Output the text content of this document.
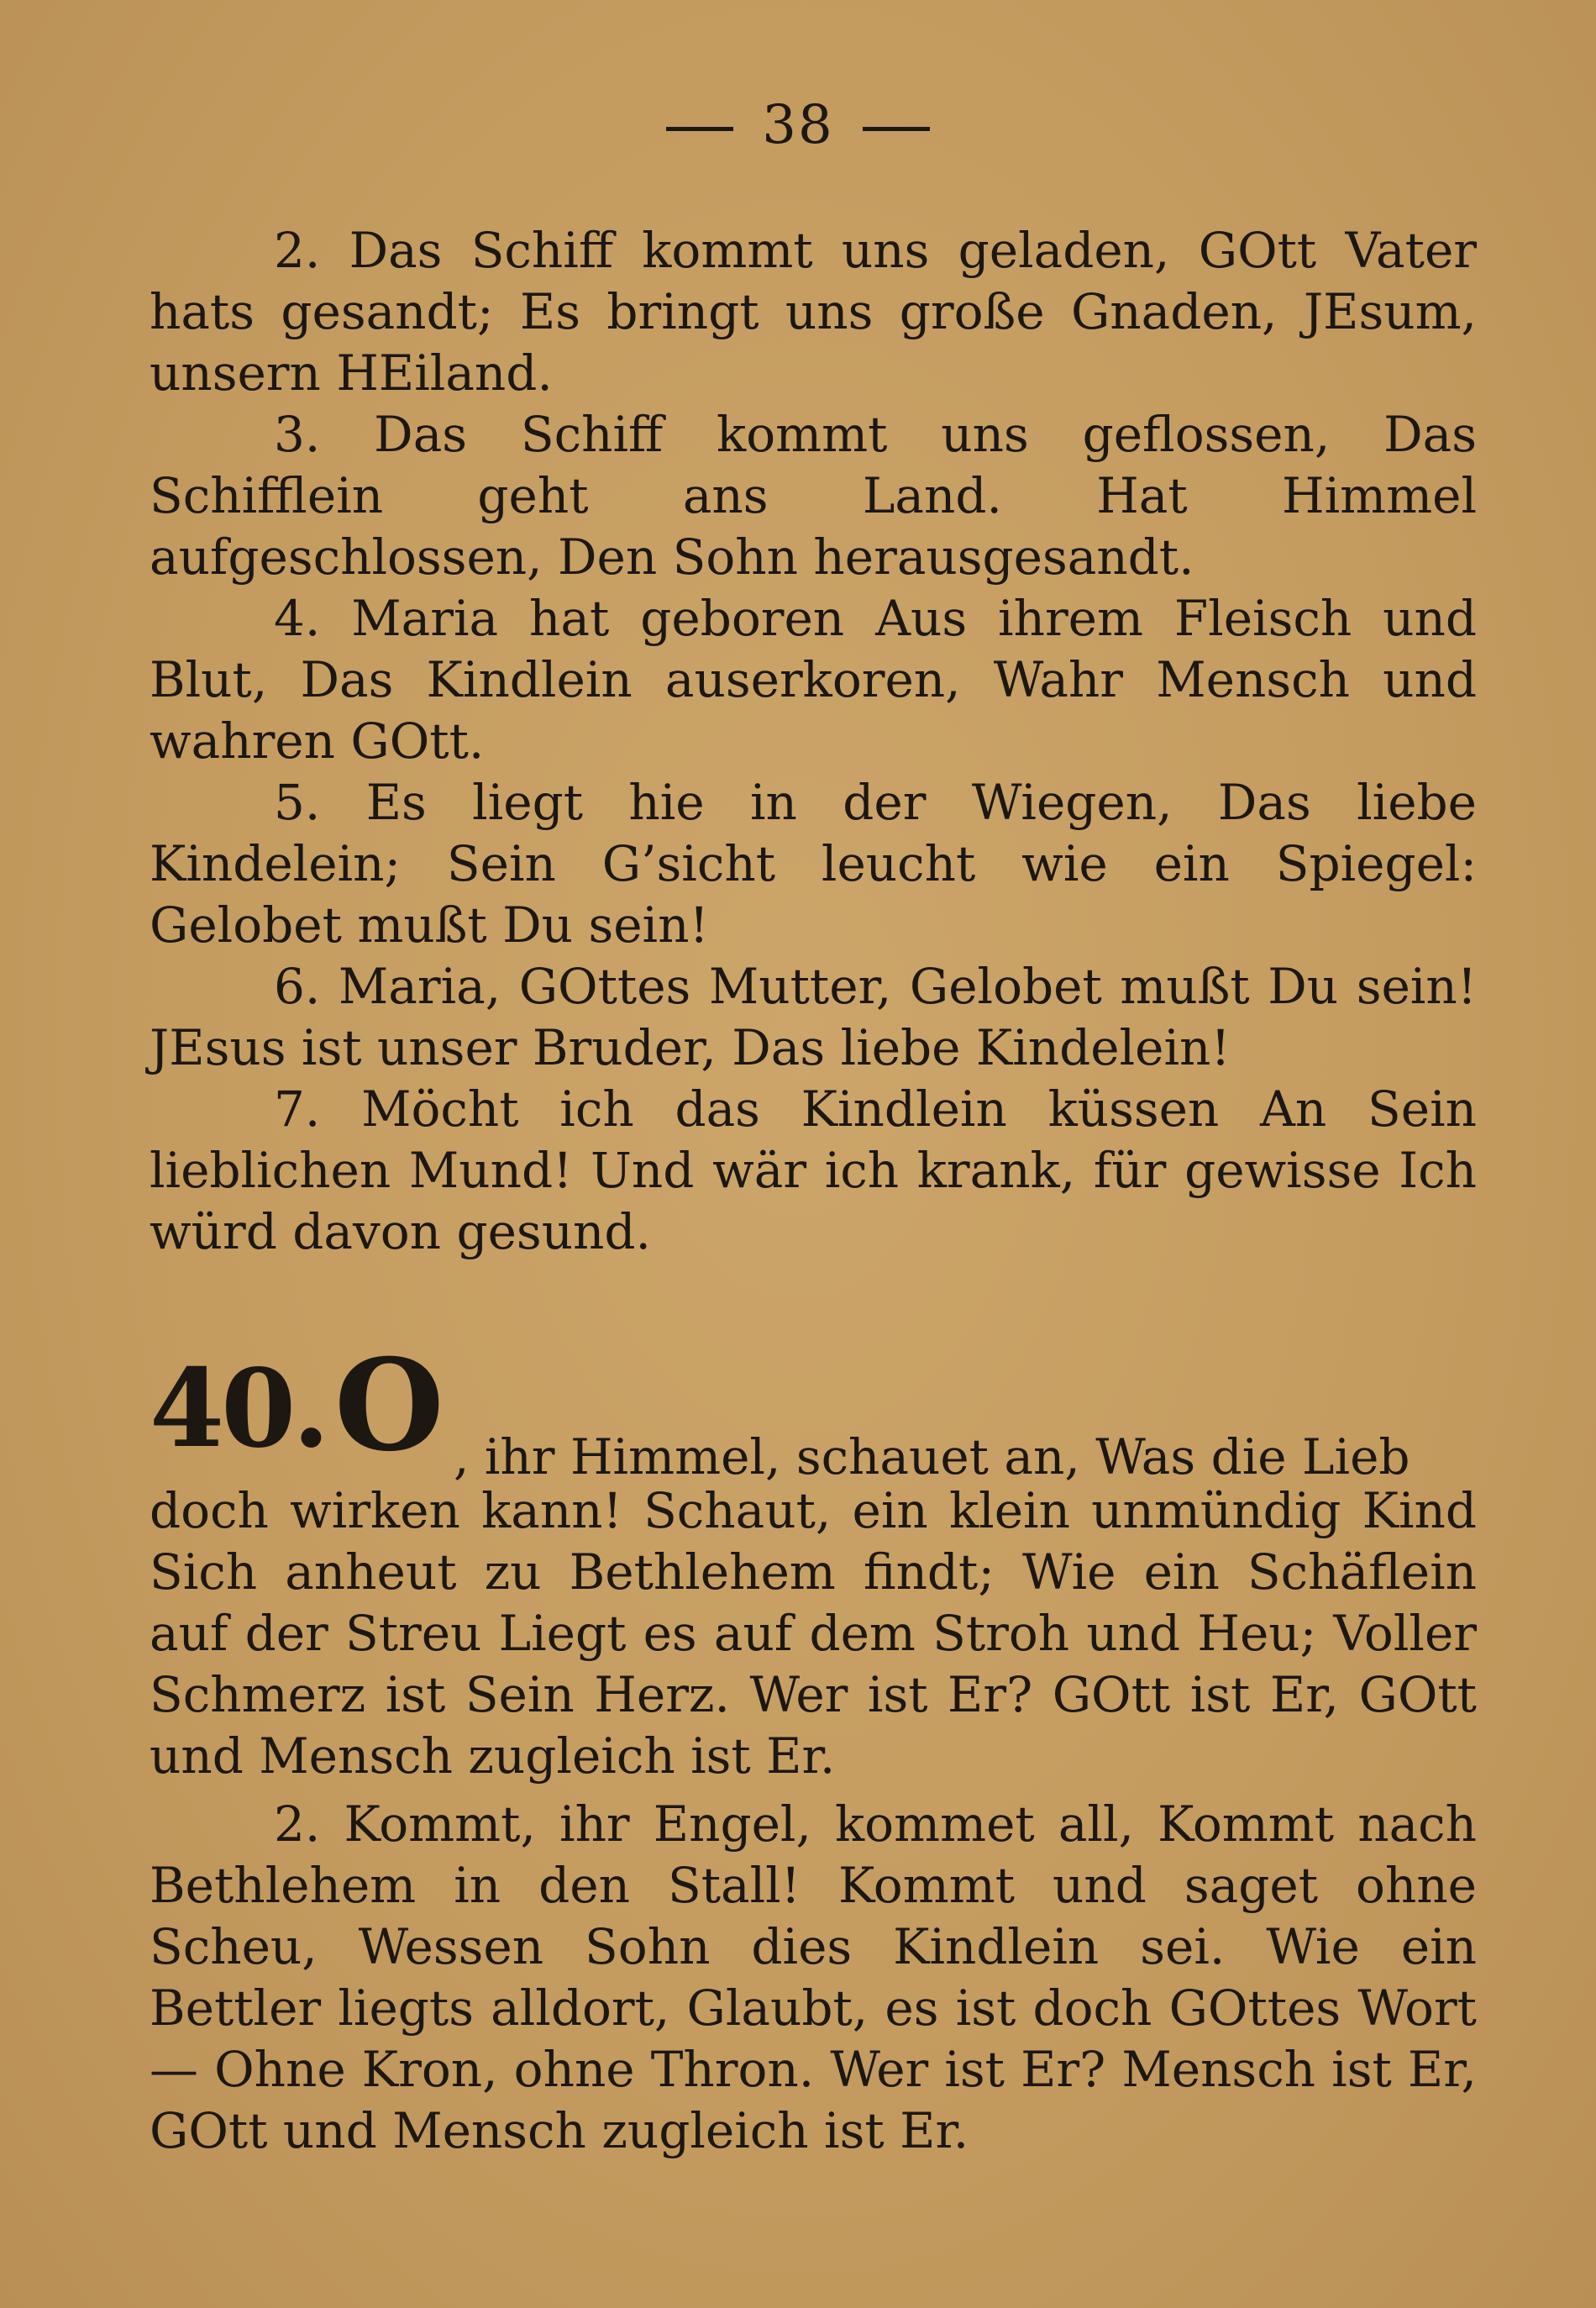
38

2. Das Schiff kommt uns geladen, GOtt Vater hats gesandt; Es bringt uns große Gnaden, JEsum, unsern HEiland.

3. Das Schiff kommt uns geflossen, Das Schifflein geht ans Land. Hat Himmel aufgeschlossen, Den Sohn herausgesandt.

4. Maria hat geboren Aus ihrem Fleisch und Blut, Das Kindlein auserkoren, Wahr Mensch und wahren GOtt.

5. Es liegt hie in der Wiegen, Das liebe Kindelein; Sein G’sicht leucht wie ein Spiegel: Gelobet mußt Du sein!

6. Maria, GOttes Mutter, Gelobet mußt Du sein! JEsus ist unser Bruder, Das liebe Kindelein!

7. Möcht ich das Kindlein küssen An Sein lieblichen Mund! Und wär ich krank, für gewisse Ich würd davon gesund.

40. O , ihr Himmel, schauet an, Was die Lieb

doch wirken kann! Schaut, ein klein unmündig Kind Sich anheut zu Bethlehem findt; Wie ein Schäflein auf der Streu Liegt es auf dem Stroh und Heu; Voller Schmerz ist Sein Herz. Wer ist Er? GOtt ist Er, GOtt und Mensch zugleich ist Er.

2. Kommt, ihr Engel, kommet all, Kommt nach Bethlehem in den Stall! Kommt und saget ohne Scheu, Wessen Sohn dies Kindlein sei. Wie ein Bettler liegts alldort, Glaubt, es ist doch GOttes Wort — Ohne Kron, ohne Thron. Wer ist Er? Mensch ist Er, GOtt und Mensch zugleich ist Er.
